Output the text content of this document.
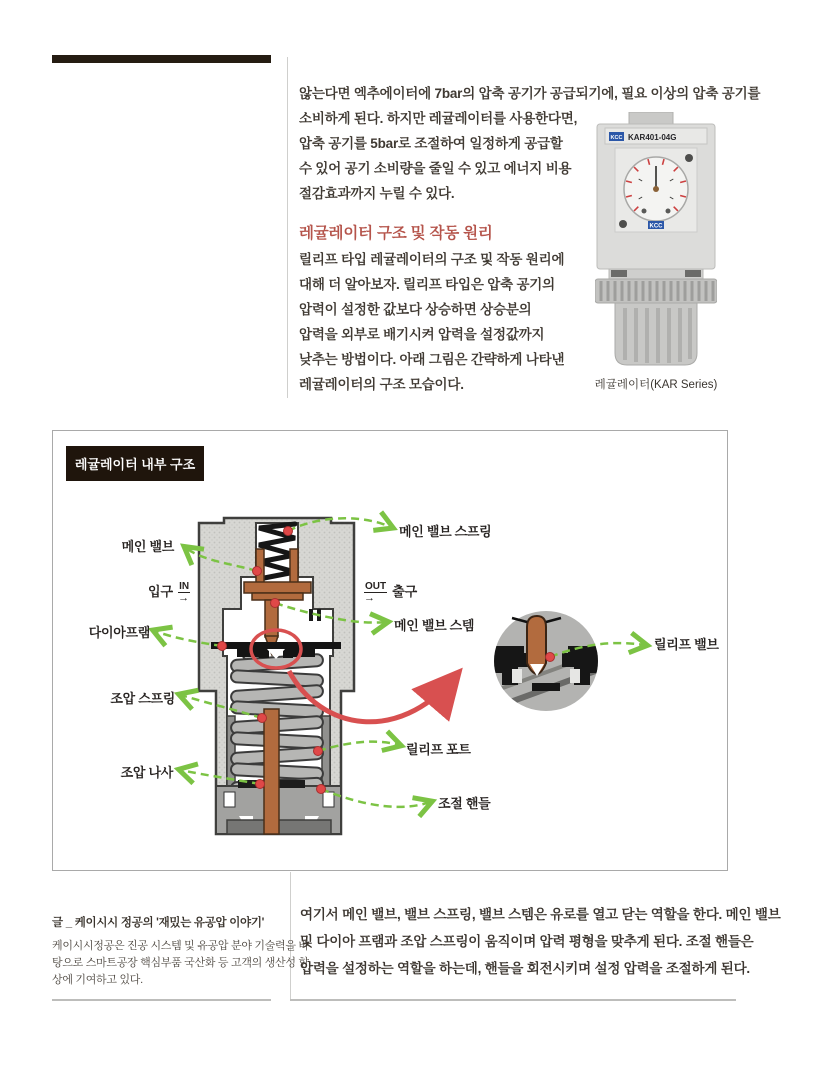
않는다면 엑추에이터에 7bar의 압축 공기가 공급되기에, 필요 이상의 압축 공기를
소비하게 된다. 하지만 레귤레이터를 사용한다면,
압축 공기를 5bar로 조절하여 일정하게 공급할
수 있어 공기 소비량을 줄일 수 있고 에너지 비용
절감효과까지 누릴 수 있다.
레귤레이터 구조 및 작동 원리
릴리프 타입 레귤레이터의 구조 및 작동 원리에
대해 더 알아보자. 릴리프 타입은 압축 공기의
압력이 설정한 값보다 상승하면 상승분의
압력을 외부로 배기시켜 압력을 설정값까지
낮추는 방법이다. 아래 그림은 간략하게 나타낸
레귤레이터의 구조 모습이다.
KCC KAR401-04G
KCC
레귤레이터(KAR Series)
레귤레이터 내부 구조
메인 밸브
메인 밸브 스프링
입구 IN
→
OUT
→	출구
메인 밸브 스템
다이아프램
조압 스프링
릴리프 포트
조압 나사
조절 핸들
릴리프 밸브
글 _ 케이시시 정공의 '재밌는 유공압 이야기'
케이시시정공은 진공 시스템 및 유공압 분야 기술력을 바
탕으로 스마트공장 핵심부품 국산화 등 고객의 생산성 향
상에 기여하고 있다.
여기서 메인 밸브, 밸브 스프링, 밸브 스템은 유로를 열고 닫는 역할을 한다. 메인 밸브
및 다이아 프램과 조압 스프링이 움직이며 압력 평형을 맞추게 된다. 조절 핸들은
압력을 설정하는 역할을 하는데, 핸들을 회전시키며 설정 압력을 조절하게 된다.
